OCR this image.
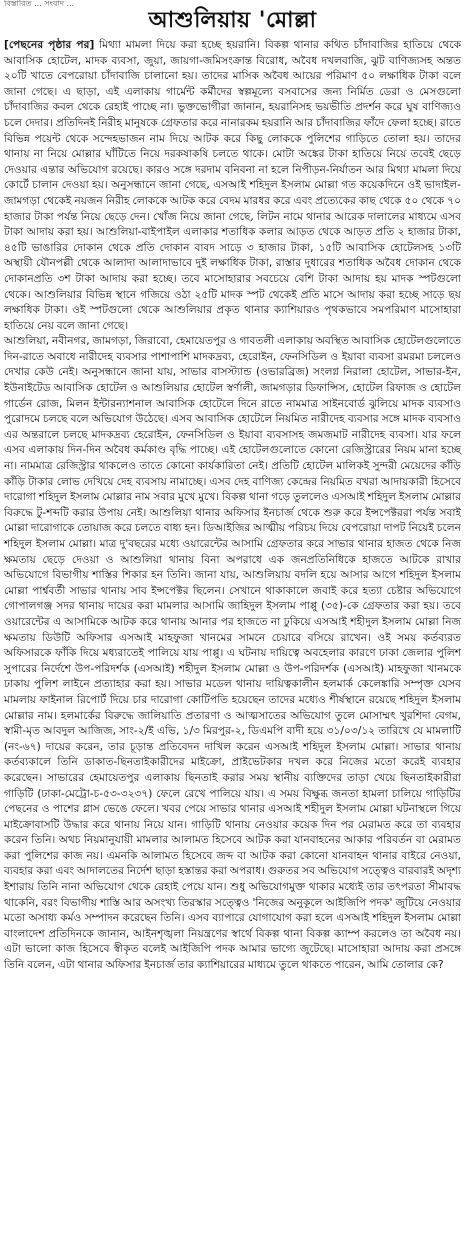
বিস্তারিত ... সংবাদ ...
আশুলিয়ায় 'মোল্লা

[পেছনের পৃষ্ঠার পর] মিথ্যা মামলা দিয়ে করা হচ্ছে হয়রানি। বিকল্প থানার কথিত চাঁদাবাজির হাতিয়ে থেকে আবাসিক হোটেল, মাদক ব্যবসা, জুয়া, জায়গা-জমিসংক্রান্ত বিরোধ, অবৈধ দখলবাজি, ঝুট বাণিজ্যসহ অন্তত ২০টি খাতে বেপরোয়া চাঁদাবাজি চালানো হয়। তাদের মাসিক অবৈধ আয়ের পরিমাণ ৫০ লক্ষাধিক টাকা বলে জানা গেছে। এ ছাড়া, এই এলাকায় গার্মেন্ট কর্মীদের স্বল্পমূল্যে বসবাসের জন্য নির্মিত ডেরা ও মেসগুলো চাঁদাবাজির কবল থেকে রেহাই পাচ্ছে না। ভুক্তভোগীরা জানান, হয়রানিসহ ভয়ভীতি প্রদর্শন করে ঘুষ বাণিজ্যও চলে দেদার। প্রতিদিনই নিরীহ মানুষকে গ্রেফতার করে নানারকম হয়রানি আর চাঁদাবাজির ফাঁদে ফেলা হচ্ছে। রাতে বিভিন্ন পয়েন্ট থেকে সন্দেহভাজন নাম দিয়ে আটক করে কিছু লোককে পুলিশের গাড়িতে তোলা হয়। তাদের থানায় না নিয়ে মোল্লার ঘাঁটিতে নিয়ে দরকষাকষি চলতে থাকে। মোটা অঙ্কের টাকা হাতিয়ে নিয়ে তবেই ছেড়ে দেওয়ার এন্তার অভিযোগ রয়েছে। কারও সঙ্গে দরদাম বনিবনা না হলে নিপীড়ন-নির্যাতন আর মিথ্যা মামলা দিয়ে কোর্টে চালান দেওয়া হয়। অনুসন্ধানে জানা গেছে, এসআই শহিদুল ইসলাম মোল্লা গত কয়েকদিনে ওই ভাদাইল-জামগড়া থেকেই নয়জন নিরীহ লোককে আটক করে বেদম মারধর করে এবং প্রত্যেকের কাছ থেকে ৫০ থেকে ৭০ হাজার টাকা পর্যন্ত নিয়ে ছেড়ে দেন। খোঁজ নিয়ে জানা গেছে, লিটন নামে থানার আরেক দালালের মাধ্যমে এসব টাকা আদায় করা হয়। আশুলিয়া-বাইপাইল এলাকার শতাধিক কলার আড়ত থেকে আড়ত প্রতি ২ হাজার টাকা, ৪৫টি ভাঙারির দোকান থেকে প্রতি দোকান বাবদ সাড়ে ৩ হাজার টাকা, ১৫টি আবাসিক হোটেলসহ ১৩টি অস্থায়ী যৌনপল্লী থেকে আলাদা আলাদাভাবে দুই লক্ষাধিক টাকা, রাস্তার দুধারের শতাধিক অবৈধ দোকান থেকে দোকানপ্রতি ৩শ টাকা আদায় করা হচ্ছে। তবে মাসোহারার সবচেয়ে বেশি টাকা আদায় হয় মাদক স্পটগুলো থেকে। আশুলিয়ার বিভিন্ন স্থানে গজিয়ে ওঠা ২৫টি মাদক স্পট থেকেই প্রতি মাসে আদায় করা হচ্ছে সাড়ে ছয় লক্ষাধিক টাকা। ওই স্পটগুলো থেকে আশুলিয়ার প্রকৃত থানার ক্যাশিয়ারও পৃথকভাবে সমপরিমাণ মাসোহারা হাতিয়ে নেয় বলে জানা গেছে।

আশুলিয়া, নবীনগর, জামগড়া, জিরাবো, হেমায়েতপুর ও গাবতলী এলাকায় অবস্থিত আবাসিক হোটেলগুলোতে দিন-রাতে অবাধে নারীদেহ ব্যবসার পাশাপাশি মাদকদ্রব্য, হেরোইন, ফেনসিডিল ও ইয়াবা ব্যবসা রমরমা চললেও দেখার কেউ নেই। অনুসন্ধানে জানা যায়, সাভার বাসস্ট্যান্ড (ওভারব্রিজ) সংলগ্ন নিরালা হোটেল, সাভার-ইন, ইউনাইটেড আবাসিক হোটেল ও আশুলিয়ার হোটেল স্বর্ণালী, জামগড়ার ডিফান্সিস, হোটেল রিফাজ ও হোটেল গার্ডেন রোজ, মিলন ইন্টারন্যাশনাল আবাসিক হোটেলে দিনে রাতে নামমাত্র সাইনবোর্ড ঝুলিয়ে মাদক ব্যবসাও পুরোদমে চলছে বলে অভিযোগ উঠেছে। এসব আবাসিক হোটেলে নিয়মিত নারীদেহ ব্যবসার সঙ্গে মাদক ব্যবসাও এর অন্তরালে চলছে মাদকদ্রব্য হেরোইন, ফেনসিডিল ও ইয়াবা ব্যবসাসহ জমজমাট নারীদেহ ব্যবসা। যার ফলে এসব এলাকায় দিন-দিন অবৈধ কর্মকাণ্ড বৃদ্ধি পাচ্ছে। এই হোটেলগুলোতে কোনো রেজিস্ট্রারের নিয়ম মানা হচ্ছে না। নামমাত্র রেজিস্ট্রার থাকলেও তাতে কোনো কার্যকারিতা নেই। প্রতিটি হোটেল মালিকই সুন্দরী মেয়েদের কাঁড়ি কাঁড়ি টাকার লোভ দেখিয়ে দেহ ব্যবসায় নামাচ্ছে। এসব দেহ বাণিজ্য কেন্দ্রের নিয়মিত বখরা আদায়কারী হিসেবে দারোগা শহিদুল ইসলাম মোল্লার নাম সবার মুখে মুখে। বিকল্প থানা গড়ে তুললেও এসআই শহিদুল ইসলাম মোল্লার বিরুদ্ধে টু-শব্দটি করার উপায় নেই। আশুলিয়া থানার অফিসার ইনচার্জ থেকে শুরু করে ইন্সপেক্টররা পর্যন্ত সবাই মোল্লা দারোগাকে তোয়াজ করে চলতে বাধ্য হন। ডিআইজির আত্মীয় পরিচয় দিয়ে বেপরোয়া দাপট নিয়েই চলেন শহিদুল ইসলাম মোল্লা। মাত্র দু'বছরের মধ্যে ওয়ারেন্টের আসামি গ্রেফতার করে সাভার থানার হাজত থেকে নিজ ক্ষমতায় ছেড়ে দেওয়া ও আশুলিয়া থানায় বিনা অপরাধে এক জনপ্রতিনিধিকে হাজতে আটকে রাখার অভিযোগে বিভাগীয় শাস্তির শিকার হন তিনি। জানা যায়, আশুলিয়ায় বদলি হয়ে আসার আগে শহিদুল ইসলাম মোল্লা পার্শ্ববর্তী সাভার থানায় সাব ইন্সপেক্টর ছিলেন। সেখানে থাকাকালে জবাই করে হত্যা চেষ্টার অভিযোগে গোপালগঞ্জ সদর থানায় দায়ের করা মামলার আসামি জাহিদুল ইসলাম পাপ্পু (৩৫)-কে গ্রেফতার করা হয়। তবে ওয়ারেন্টের এ আসামিকে আটক করে থানায় আনার পর হাজতে না ঢুকিয়ে এসআই শহীদুল ইসলাম মোল্লা নিজ ক্ষমতায় ডিউটি অফিসার এসআই মাহফুজা খানমের সামনে চেয়ারে বসিয়ে রাখেন। ওই সময় কর্তব্যরত অফিসারকে ফাঁকি দিয়ে মধ্যরাতেই পালিয়ে যায় পাপ্পু। এ ঘটনায় দায়িত্বে অবহেলার কারণে ঢাকা জেলার পুলিশ সুপারের নির্দেশে উপ-পরিদর্শক (এসআই) শহীদুল ইসলাম মোল্লা ও উপ-পরিদর্শক (এসআই) মাহফুজা খানমকে ঢাকায় পুলিশ লাইনে প্রত্যাহার করা হয়। সাভার মডেল থানায় দায়িত্বকালীন হলমার্ক কেলেঙ্কারি সম্পৃক্ত যেসব মামলায় ফাইনাল রিপোর্ট দিয়ে চার দারোগা কোটিপতি হয়েছেন তাদের মধ্যেও শীর্ষস্থানে রয়েছে শহিদুল ইসলাম মোল্লার নাম। হলমার্কের বিরুদ্ধে জালিয়াতি প্রতারণা ও আত্মসাতের অভিযোগ তুলে মোসাম্মৎ খুরশিদা বেগম, স্বামী-মৃত আবদুল আজিজ, সাং-২/ই এভি, ১/৩ মিরপুর-২, ডিএমপি বাদী হয়ে ৩১/০৩/১২ তারিখে যে মামলাটি (নং-৬৭) দায়ের করেন, তার চূড়ান্ত প্রতিবেদন দাখিল করেন এসআই শহিদুল ইসলাম মোল্লা। সাভার থানায় কর্তব্যকালে তিনি ডাকাত-ছিনতাইকারীদের মাইক্রো, প্রাইভেটকার দখল করে নিজের মতো করেই ব্যবহার করেছেন। সাভারের হেমায়েতপুর এলাকায় ছিনতাই করার সময় স্থানীয় ব্যক্তিদের তাড়া খেয়ে ছিনতাইকারীরা গাড়িটি (ঢাকা-মেট্রো-চ-৫৩-৩২৩৭) ফেলে রেখে পালিয়ে যায়। এ সময় বিক্ষুব্ধ জনতা হামলা চালিয়ে গাড়িটির পেছনের ও পাশের গ্লাস ভেঙে ফেলে। খবর পেয়ে সাভার থানার এসআই শহীদুল ইসলাম মোল্লা ঘটনাস্থলে গিয়ে মাইক্রোবাসটি উদ্ধার করে থানায় নিয়ে যান। গাড়িটি থানায় নেওয়ার কয়েক দিন পর মেরামত করে তা ব্যবহার করেন তিনি। অথচ নিয়মানুযায়ী মামলার আলামত হিসেবে আটক করা যানবাহনের আকার পরিবর্তন বা মেরামত করা পুলিশের কাজ নয়। এমনকি আলামত হিসেবে জব্দ বা আটক করা কোনো যানবাহন থানার বাইরে নেওয়া, ব্যবহার করা এবং আদালতের নির্দেশ ছাড়া হস্তান্তর করা অপরাধ। গুরুতর সব অভিযোগ সত্ত্বেও বারবারই অদৃশ্য ইশারায় তিনি নানা অভিযোগ থেকে রেহাই পেয়ে যান। শুধু অভিযোগমুক্ত থাকার মধ্যেই তার তৎপরতা সীমাবদ্ধ থাকেনি, বরং বিভাগীয় শাস্তি আর অসংখ্য তিরস্কার সত্ত্বেও 'নিজের অনুকূলে আইজিপি পদক' জুটিয়ে নেওয়ার মতো অসাধ্য কর্মও সম্পাদন করেছেন তিনি। এসব ব্যাপারে যোগাযোগ করা হলে এসআই শহিদুল ইসলাম মোল্লা বাংলাদেশ প্রতিদিনকে জানান, আইনশৃঙ্খলা নিয়ন্ত্রণের স্বার্থে বিকল্প থানা বিকল্প ক্যাম্প করলেও তা অবৈধ নয়। এটা ভালো কাজ হিসেবে স্বীকৃত বলেই আইজিপি পদক আমার ভাগ্যে জুটেছে। মাসোহারা আদায় করা প্রসঙ্গে তিনি বলেন, এটা থানার অফিসার ইনচার্জ তার ক্যাশিয়ারের মাধ্যমে তুলে থাকতে পারেন, আমি তোলার কে?
